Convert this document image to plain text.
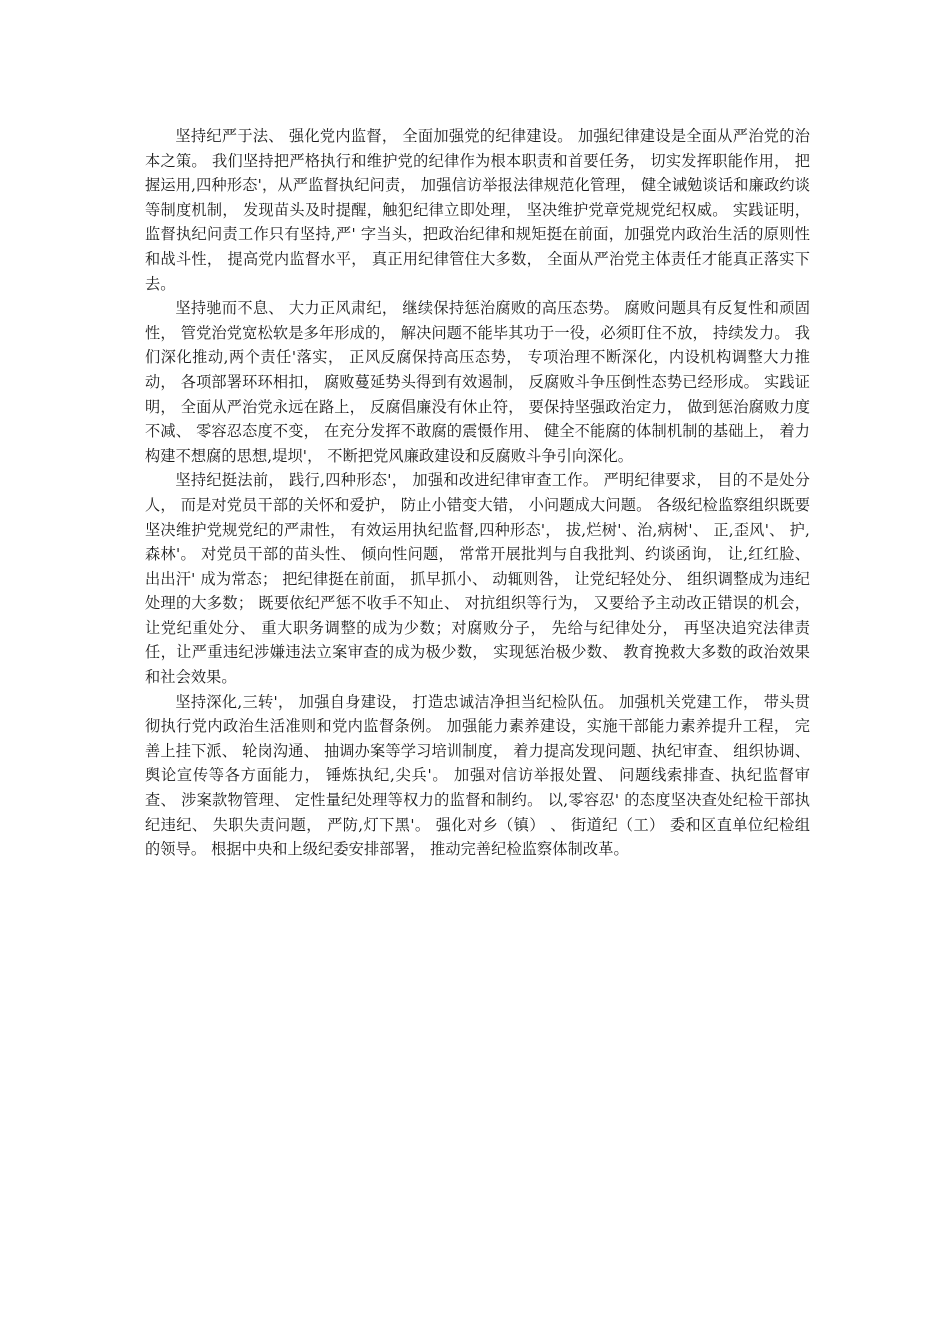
坚持纪严于法、 强化党内监督， 全面加强党的纪律建设。 加强纪律建设是全面从严治党的治本之策。 我们坚持把严格执行和维护党的纪律作为根本职责和首要任务， 切实发挥职能作用， 把握运用,四种形态'，从严监督执纪问责， 加强信访举报法律规范化管理， 健全诫勉谈话和廉政约谈等制度机制， 发现苗头及时提醒，触犯纪律立即处理， 坚决维护党章党规党纪权威。 实践证明， 监督执纪问责工作只有坚持,严' 字当头，把政治纪律和规矩挺在前面，加强党内政治生活的原则性和战斗性， 提高党内监督水平， 真正用纪律管住大多数， 全面从严治党主体责任才能真正落实下去。

坚持驰而不息、 大力正风肃纪， 继续保持惩治腐败的高压态势。 腐败问题具有反复性和顽固性， 管党治党宽松软是多年形成的， 解决问题不能毕其功于一役，必须盯住不放， 持续发力。 我们深化推动,两个责任'落实， 正风反腐保持高压态势， 专项治理不断深化，内设机构调整大力推动， 各项部署环环相扣， 腐败蔓延势头得到有效遏制， 反腐败斗争压倒性态势已经形成。 实践证明， 全面从严治党永远在路上， 反腐倡廉没有休止符， 要保持坚强政治定力， 做到惩治腐败力度不减、 零容忍态度不变， 在充分发挥不敢腐的震慑作用、 健全不能腐的体制机制的基础上， 着力构建不想腐的思想,堤坝'， 不断把党风廉政建设和反腐败斗争引向深化。

坚持纪挺法前， 践行,四种形态'， 加强和改进纪律审查工作。 严明纪律要求， 目的不是处分人， 而是对党员干部的关怀和爱护， 防止小错变大错， 小问题成大问题。 各级纪检监察组织既要坚决维护党规党纪的严肃性， 有效运用执纪监督,四种形态'， 拔,烂树'、治,病树'、 正,歪风'、 护,森林'。 对党员干部的苗头性、 倾向性问题， 常常开展批判与自我批判、约谈函询， 让,红红脸、 出出汗' 成为常态； 把纪律挺在前面， 抓早抓小、 动辄则咎， 让党纪轻处分、 组织调整成为违纪处理的大多数； 既要依纪严惩不收手不知止、 对抗组织等行为， 又要给予主动改正错误的机会， 让党纪重处分、 重大职务调整的成为少数；对腐败分子， 先给与纪律处分， 再坚决追究法律责任，让严重违纪涉嫌违法立案审查的成为极少数， 实现惩治极少数、 教育挽救大多数的政治效果和社会效果。

坚持深化,三转'， 加强自身建设， 打造忠诚洁净担当纪检队伍。 加强机关党建工作， 带头贯彻执行党内政治生活准则和党内监督条例。 加强能力素养建设，实施干部能力素养提升工程， 完善上挂下派、 轮岗沟通、 抽调办案等学习培训制度， 着力提高发现问题、执纪审查、 组织协调、 舆论宣传等各方面能力， 锤炼执纪,尖兵'。 加强对信访举报处置、 问题线索排查、执纪监督审查、 涉案款物管理、 定性量纪处理等权力的监督和制约。 以,零容忍' 的态度坚决查处纪检干部执纪违纪、 失职失责问题， 严防,灯下黑'。 强化对乡（镇） 、 街道纪（工） 委和区直单位纪检组的领导。 根据中央和上级纪委安排部署， 推动完善纪检监察体制改革。
